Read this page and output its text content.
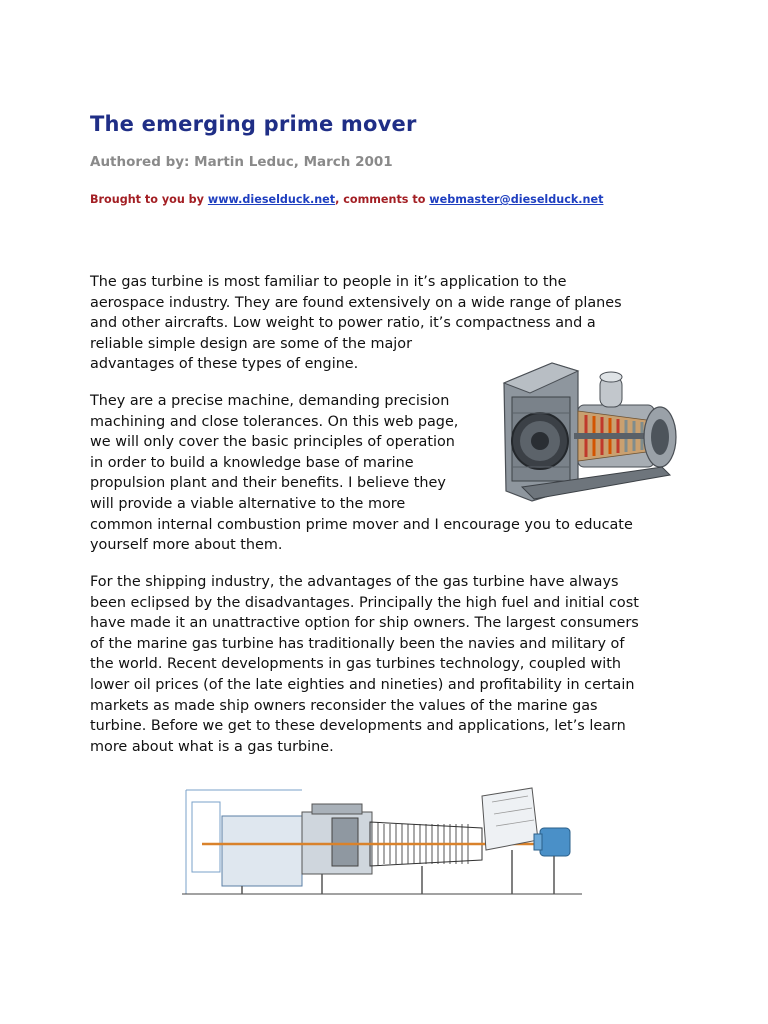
The emerging prime mover
Authored by: Martin Leduc, March 2001
Brought to you by www.dieselduck.net, comments to webmaster@dieselduck.net
The gas turbine is most familiar to people in it’s application to the
aerospace industry. They are found extensively on a wide range of planes
and other aircrafts. Low weight to power ratio, it’s compactness and a
reliable simple design are some of the major
advantages of these types of engine.
They are a precise machine, demanding precision
machining and close tolerances. On this web page,
we will only cover the basic principles of operation
in order to build a knowledge base of marine
propulsion plant and their benefits. I believe they
will provide a viable alternative to the more
common internal combustion prime mover and I encourage you to educate
yourself more about them.
For the shipping industry, the advantages of the gas turbine have always
been eclipsed by the disadvantages. Principally the high fuel and initial cost
have made it an unattractive option for ship owners. The largest consumers
of the marine gas turbine has traditionally been the navies and military of
the world. Recent developments in gas turbines technology, coupled with
lower oil prices (of the late eighties and nineties) and profitability in certain
markets as made ship owners reconsider the values of the marine gas
turbine. Before we get to these developments and applications, let’s learn
more about what is a gas turbine.
